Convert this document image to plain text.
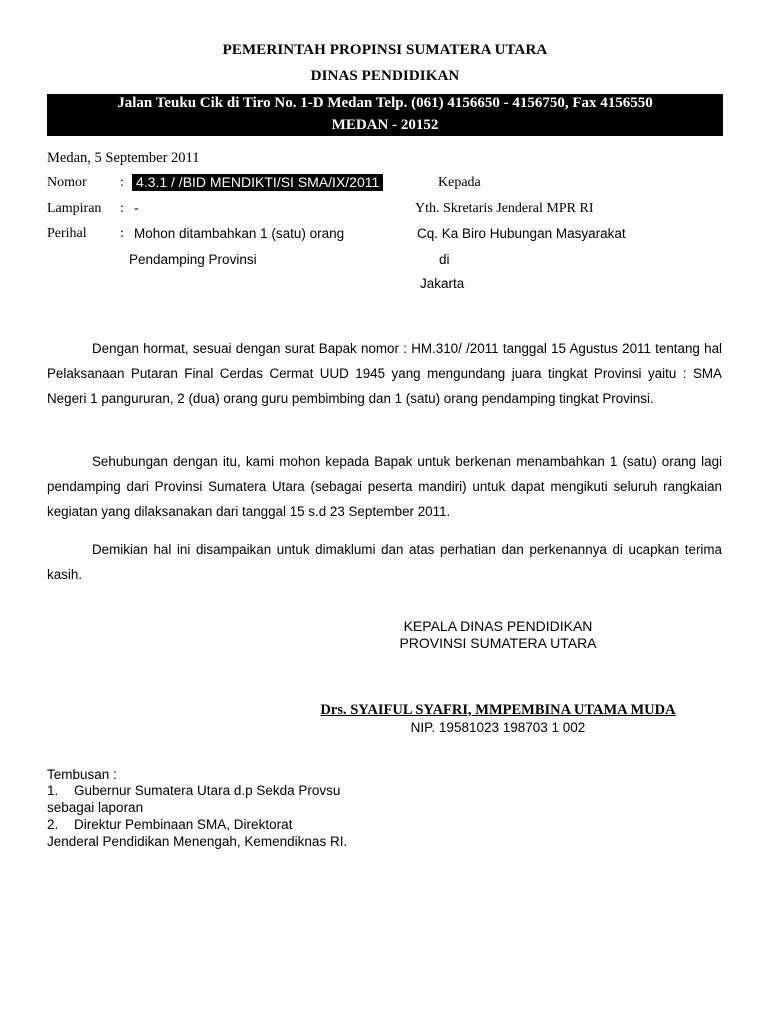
PEMERINTAH PROPINSI SUMATERA UTARA
DINAS PENDIDIKAN
Jalan Teuku Cik di Tiro No. 1-D Medan Telp. (061) 4156650 - 4156750, Fax 4156550
MEDAN - 20152
Medan, 5 September 2011
Nomor : 4.3.1 / /BID MENDIKTI/SI SMA/IX/2011
Lampiran : -
Perihal : Mohon ditambahkan 1 (satu) orang
Pendamping Provinsi
Kepada
Yth. Skretaris Jenderal MPR RI
Cq. Ka Biro Hubungan Masyarakat
di
Jakarta
Dengan hormat, sesuai dengan surat Bapak nomor : HM.310/ /2011 tanggal 15 Agustus 2011 tentang hal Pelaksanaan Putaran Final Cerdas Cermat UUD 1945 yang mengundang juara tingkat Provinsi yaitu : SMA Negeri 1 pangururan, 2 (dua) orang guru pembimbing dan 1 (satu) orang pendamping tingkat Provinsi.
Sehubungan dengan itu, kami mohon kepada Bapak untuk berkenan menambahkan 1 (satu) orang lagi pendamping dari Provinsi Sumatera Utara (sebagai peserta mandiri) untuk dapat mengikuti seluruh rangkaian kegiatan yang dilaksanakan dari tanggal 15 s.d 23 September 2011.
Demikian hal ini disampaikan untuk dimaklumi dan atas perhatian dan perkenannya di ucapkan terima kasih.
KEPALA DINAS PENDIDIKAN
PROVINSI SUMATERA UTARA
Drs. SYAIFUL SYAFRI, MMPEMBINA UTAMA MUDA
NIP. 19581023 198703 1 002
Tembusan :
1. Gubernur Sumatera Utara d.p Sekda Provsu
sebagai laporan
2. Direktur Pembinaan SMA, Direktorat
Jenderal Pendidikan Menengah, Kemendiknas RI.
